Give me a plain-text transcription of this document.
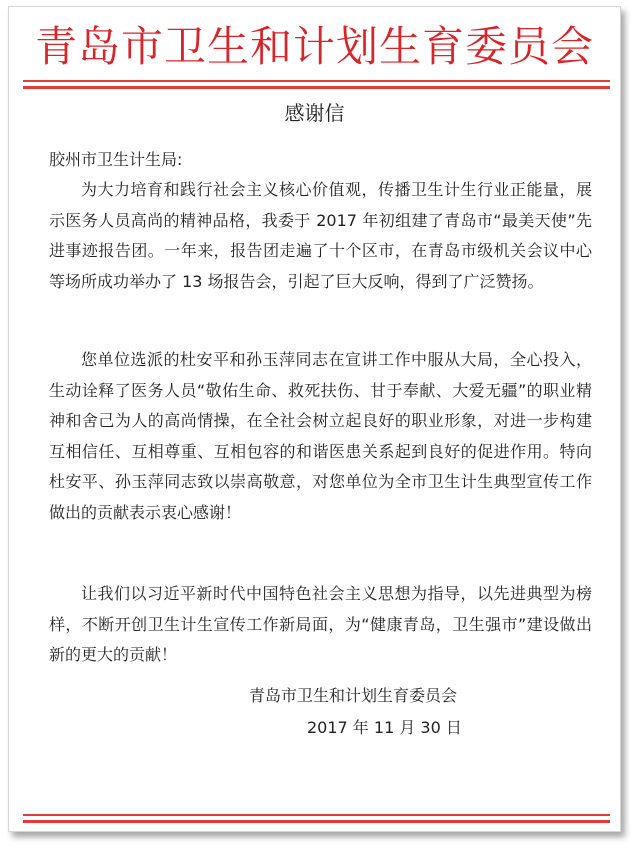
青岛市卫生和计划生育委员会
感谢信
胶州市卫生计生局:

为大力培育和践行社会主义核心价值观，传播卫生计生行业正能量，展示医务人员高尚的精神品格，我委于 2017 年初组建了青岛市“最美天使”先进事迹报告团。一年来，报告团走遍了十个区市，在青岛市级机关会议中心等场所成功举办了 13 场报告会，引起了巨大反响，得到了广泛赞扬。

您单位选派的杜安平和孙玉萍同志在宣讲工作中服从大局，全心投入，生动诠释了医务人员“敬佑生命、救死扶伤、甘于奉献、大爱无疆”的职业精神和舍己为人的高尚情操，在全社会树立起良好的职业形象，对进一步构建互相信任、互相尊重、互相包容的和谐医患关系起到良好的促进作用。特向杜安平、孙玉萍同志致以崇高敬意，对您单位为全市卫生计生典型宣传工作做出的贡献表示衷心感谢！

让我们以习近平新时代中国特色社会主义思想为指导，以先进典型为榜样，不断开创卫生计生宣传工作新局面，为“健康青岛，卫生强市”建设做出新的更大的贡献！

青岛市卫生和计划生育委员会
2017 年 11 月 30 日
